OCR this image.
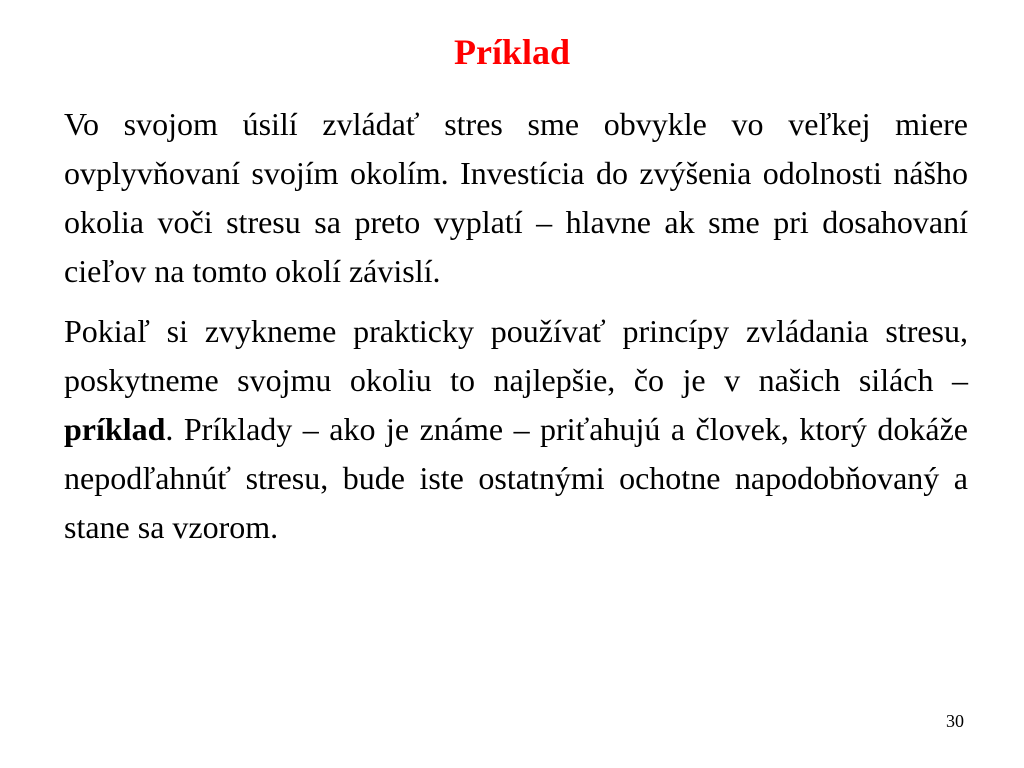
Príklad

Vo svojom úsilí zvládať stres sme obvykle vo veľkej miere ovplyvňovaní svojím okolím. Investícia do zvýšenia odolnosti nášho okolia voči stresu sa preto vyplatí – hlavne ak sme pri dosahovaní cieľov na tomto okolí závislí.

Pokiaľ si zvykneme prakticky používať princípy zvládania stresu, poskytneme svojmu okoliu to najlepšie, čo je v našich silách – príklad. Príklady – ako je známe – priťahujú a človek, ktorý dokáže nepodľahnúť stresu, bude iste ostatnými ochotne napodobňovaný a stane sa vzorom.

30
